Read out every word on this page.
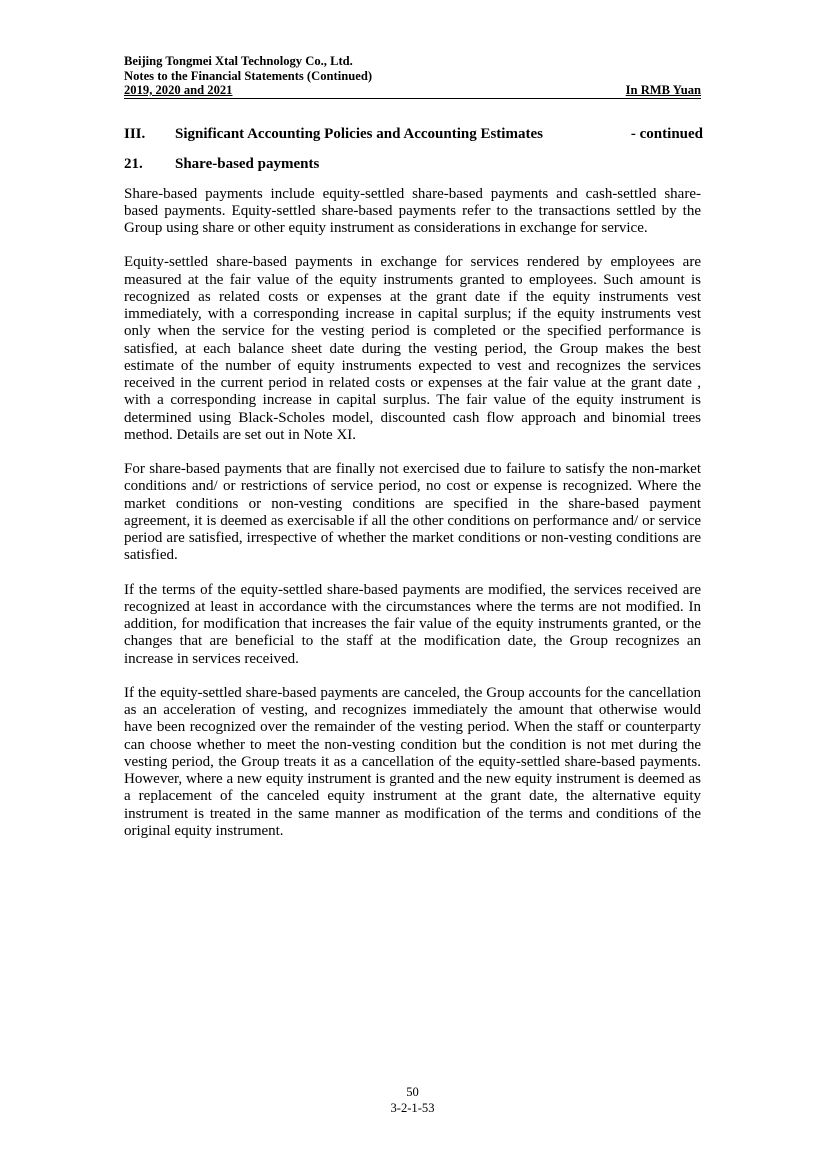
Beijing Tongmei Xtal Technology Co., Ltd.
Notes to the Financial Statements (Continued)
2019, 2020 and 2021	In RMB Yuan
III.	Significant Accounting Policies and Accounting Estimates	- continued
21.	Share-based payments

Share-based payments include equity-settled share-based payments and cash-settled share-based payments. Equity-settled share-based payments refer to the transactions settled by the Group using share or other equity instrument as considerations in exchange for service.

Equity-settled share-based payments in exchange for services rendered by employees are measured at the fair value of the equity instruments granted to employees. Such amount is recognized as related costs or expenses at the grant date if the equity instruments vest immediately, with a corresponding increase in capital surplus; if the equity instruments vest only when the service for the vesting period is completed or the specified performance is satisfied, at each balance sheet date during the vesting period, the Group makes the best estimate of the number of equity instruments expected to vest and recognizes the services received in the current period in related costs or expenses at the fair value at the grant date , with a corresponding increase in capital surplus. The fair value of the equity instrument is determined using Black-Scholes model, discounted cash flow approach and binomial trees method. Details are set out in Note XI.

For share-based payments that are finally not exercised due to failure to satisfy the non-market conditions and/ or restrictions of service period, no cost or expense is recognized. Where the market conditions or non-vesting conditions are specified in the share-based payment agreement, it is deemed as exercisable if all the other conditions on performance and/ or service period are satisfied, irrespective of whether the market conditions or non-vesting conditions are satisfied.

If the terms of the equity-settled share-based payments are modified, the services received are recognized at least in accordance with the circumstances where the terms are not modified. In addition, for modification that increases the fair value of the equity instruments granted, or the changes that are beneficial to the staff at the modification date, the Group recognizes an increase in services received.

If the equity-settled share-based payments are canceled, the Group accounts for the cancellation as an acceleration of vesting, and recognizes immediately the amount that otherwise would have been recognized over the remainder of the vesting period. When the staff or counterparty can choose whether to meet the non-vesting condition but the condition is not met during the vesting period, the Group treats it as a cancellation of the equity-settled share-based payments. However, where a new equity instrument is granted and the new equity instrument is deemed as a replacement of the canceled equity instrument at the grant date, the alternative equity instrument is treated in the same manner as modification of the terms and conditions of the original equity instrument.

50
3-2-1-53
